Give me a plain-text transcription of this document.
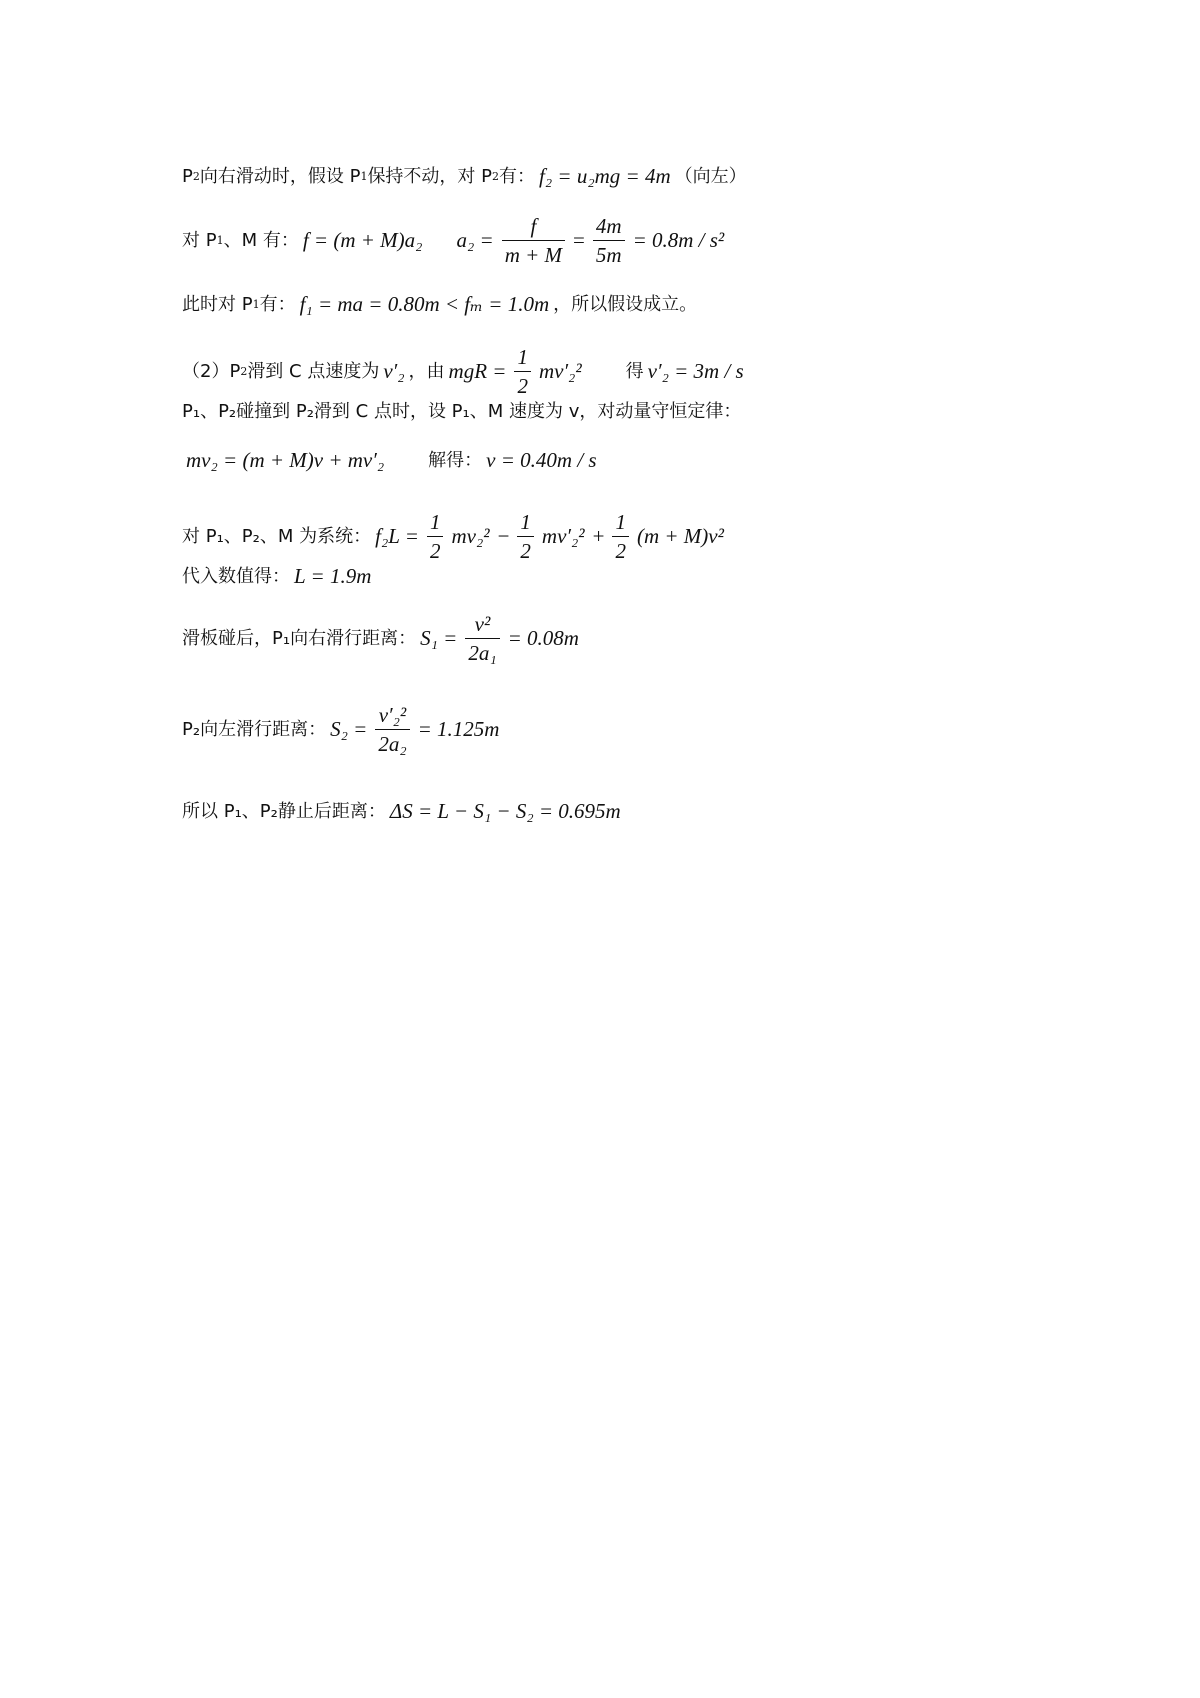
P 2 向右滑动时，假设 P 1 保持不动，对 P 2 有： f₂ = u₂mg = 4m （向左）
对 P 1 、M 有： f = (m + M)a₂ $a_2 = \frac{f}{m + M} = \frac{4m}{5m} = 0.8m / s^2$
此时对 P 1 有： f₁ = ma = 0.80m < fₘ = 1.0m ，所以假设成立。
（2）P 2 滑到 C 点速度为 v′₂ ，由 mgR = $\frac{1}{2} mv'_2^2$ 得 v′₂ = 3m / s
P₁、P₂碰撞到 P₂滑到 C 点时，设 P₁、M 速度为 v，对动量守恒定律：
mv₂ = (m + M)v + mv′₂ 解得： v = 0.40m / s
对 P₁、P₂、M 为系统： $f_2L = \frac{1}{2} mv_2^2 - \frac{1}{2} mv'_2^2 + \frac{1}{2} (m + M)v^2$
代入数值得： L = 1.9m
滑板碰后，P₁向右滑行距离： $S_1 = \frac{\text{v²}}{\text{2a₁}} = 0.08m$
P₂向左滑行距离： $S_2 = \frac{\text{v′₂²}}{\text{2a₂}} = 1.125m$
所以 P₁、P₂静止后距离： ΔS = L − S₁ − S₂ = 0.695m
